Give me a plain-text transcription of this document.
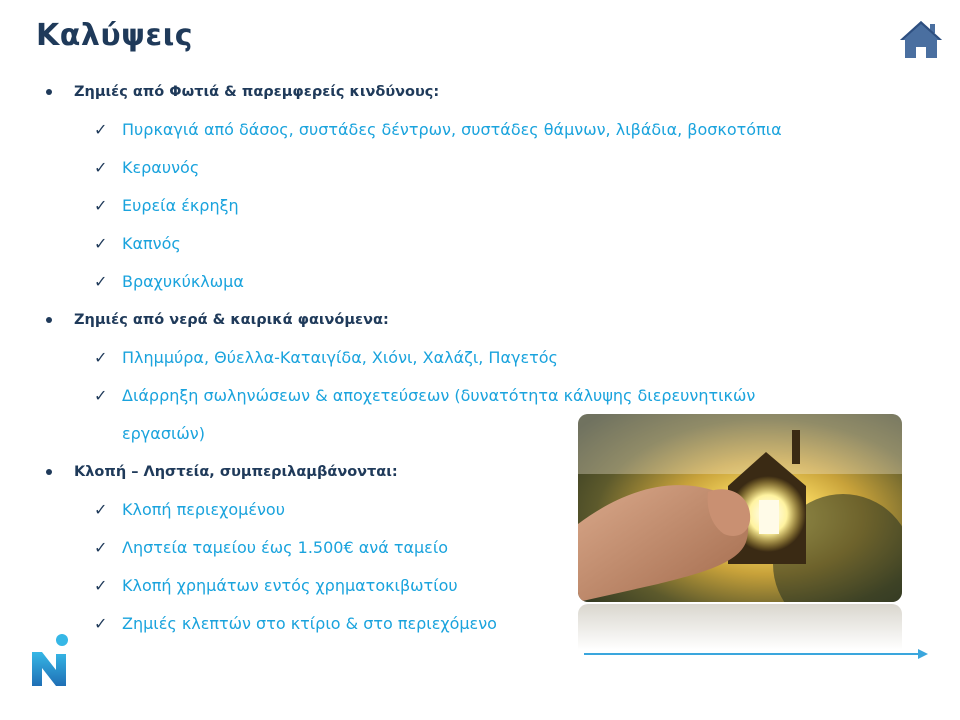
Καλύψεις
Ζημιές από Φωτιά & παρεμφερείς κινδύνους:
✓ Πυρκαγιά από δάσος, συστάδες δέντρων, συστάδες θάμνων, λιβάδια, βοσκοτόπια
✓ Κεραυνός
✓ Ευρεία έκρηξη
✓ Καπνός
✓ Βραχυκύκλωμα
Ζημιές από νερά & καιρικά φαινόμενα:
✓ Πλημμύρα, Θύελλα-Καταιγίδα, Χιόνι, Χαλάζι, Παγετός
✓ Διάρρηξη σωληνώσεων & αποχετεύσεων (δυνατότητα κάλυψης διερευνητικών εργασιών)
Κλοπή – Ληστεία, συμπεριλαμβάνονται:
✓ Κλοπή περιεχομένου
✓ Ληστεία ταμείου έως 1.500€ ανά ταμείο
✓ Κλοπή χρημάτων εντός χρηματοκιβωτίου
✓ Ζημιές κλεπτών στο κτίριο & στο περιεχόμενο
